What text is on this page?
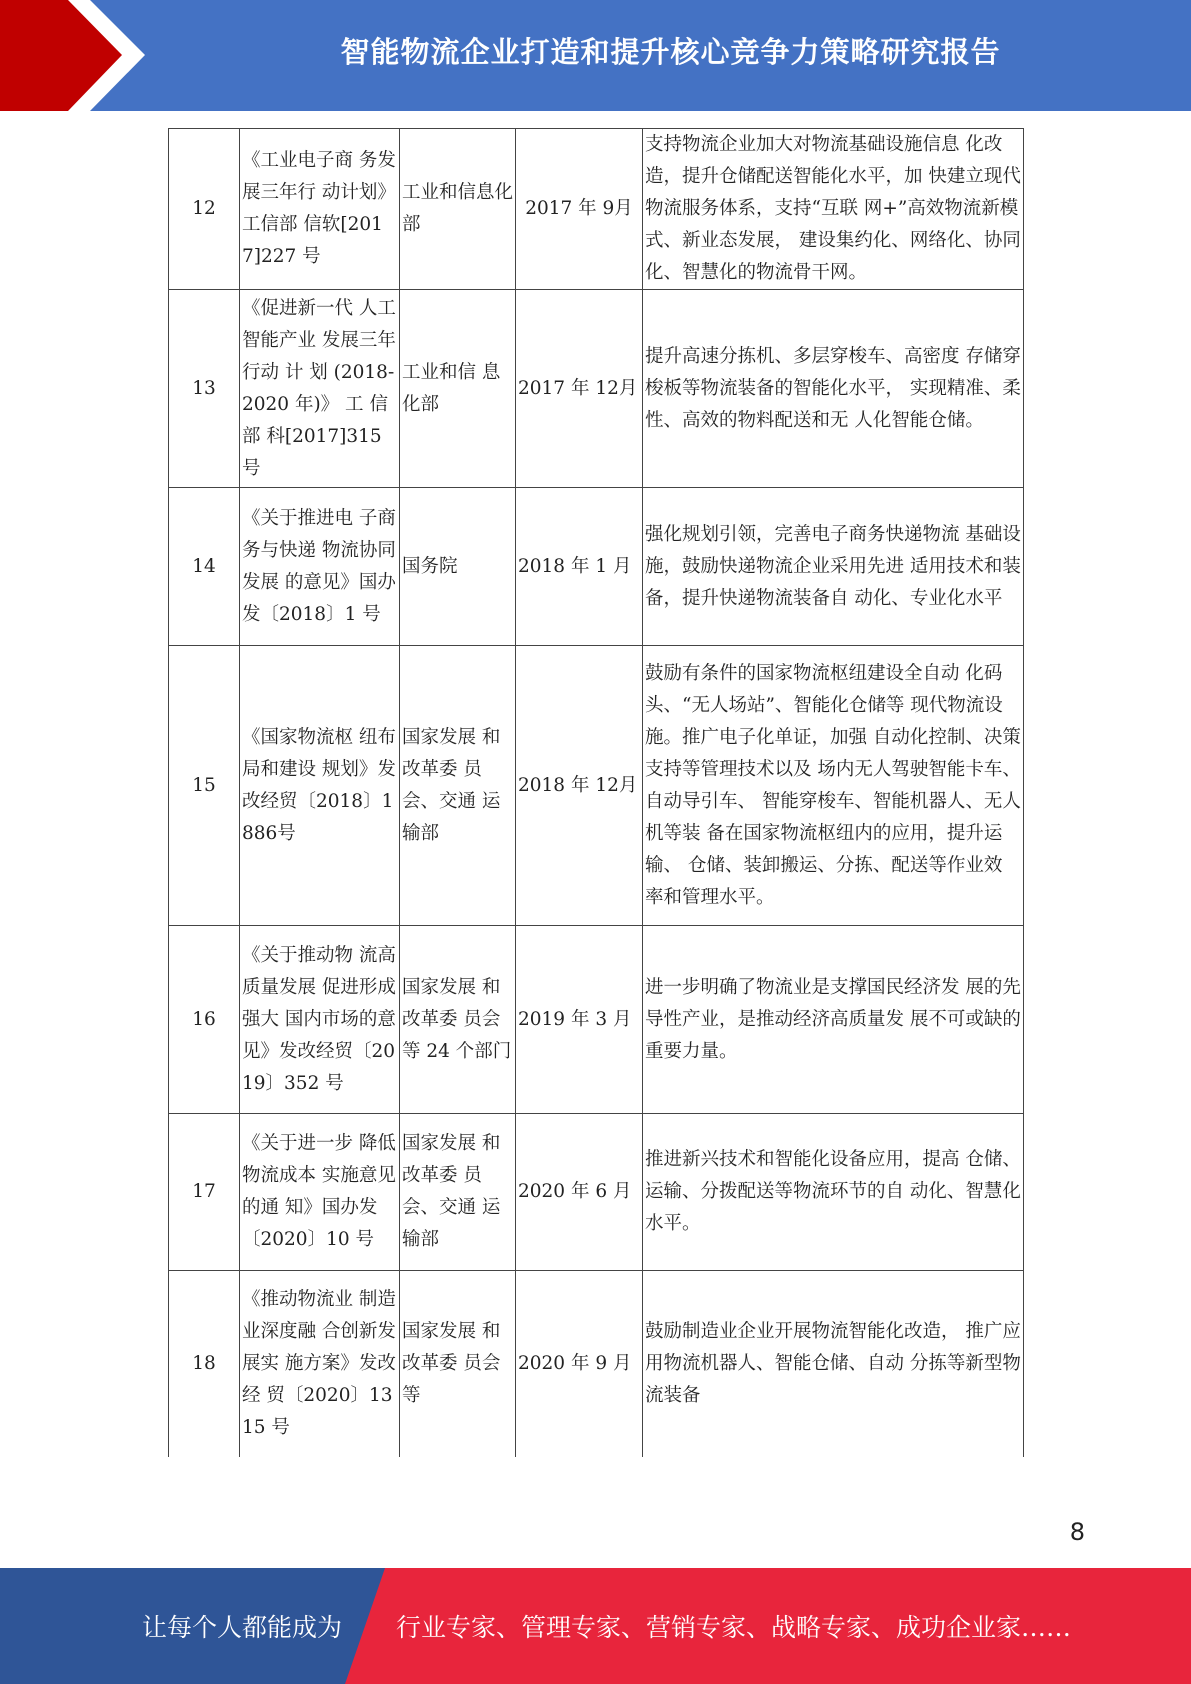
智能物流企业打造和提升核心竞争力策略研究报告
12	《工业电子商 务发展三年行 动计划》工信部 信软[2017]227 号	工业和信息化部	2017 年 9月	支持物流企业加大对物流基础设施信息 化改造，提升仓储配送智能化水平，加 快建立现代物流服务体系，支持“互联 网+”高效物流新模式、新业态发展， 建设集约化、网络化、协同化、智慧化的物流骨干网。
13	《促进新一代 人工智能产业 发展三年行动 计 划 (2018-2020 年)》 工 信 部 科[2017]315 号	工业和信 息化部	2017 年 12月	提升高速分拣机、多层穿梭车、高密度 存储穿梭板等物流装备的智能化水平， 实现精准、柔性、高效的物料配送和无 人化智能仓储。
14	《关于推进电 子商务与快递 物流协同发展 的意见》国办发〔2018〕1 号	国务院	2018 年 1 月	强化规划引领，完善电子商务快递物流 基础设施，鼓励快递物流企业采用先进 适用技术和装备，提升快递物流装备自 动化、专业化水平
15	《国家物流枢 纽布局和建设 规划》发改经贸〔2018〕1886号	国家发展 和改革委 员会、交通 运输部	2018 年 12月	鼓励有条件的国家物流枢纽建设全自动 化码头、“无人场站”、智能化仓储等 现代物流设施。推广电子化单证，加强 自动化控制、决策支持等管理技术以及 场内无人驾驶智能卡车、自动导引车、 智能穿梭车、智能机器人、无人机等装 备在国家物流枢纽内的应用，提升运输、 仓储、装卸搬运、分拣、配送等作业效 率和管理水平。
16	《关于推动物 流高质量发展 促进形成强大 国内市场的意 见》发改经贸〔2019〕352 号	国家发展 和改革委 员会等 24 个部门	2019 年 3 月	进一步明确了物流业是支撑国民经济发 展的先导性产业，是推动经济高质量发 展不可或缺的重要力量。
17	《关于进一步 降低物流成本 实施意见的通 知》国办发〔2020〕10 号	国家发展 和改革委 员会、交通 运输部	2020 年 6 月	推进新兴技术和智能化设备应用，提高 仓储、运输、分拨配送等物流环节的自 动化、智慧化水平。
18	《推动物流业 制造业深度融 合创新发展实 施方案》发改经 贸〔2020〕1315 号	国家发展 和改革委 员会等	2020 年 9 月	鼓励制造业企业开展物流智能化改造， 推广应用物流机器人、智能仓储、自动 分拣等新型物流装备
8
让每个人都能成为 行业专家、管理专家、营销专家、战略专家、成功企业家……
